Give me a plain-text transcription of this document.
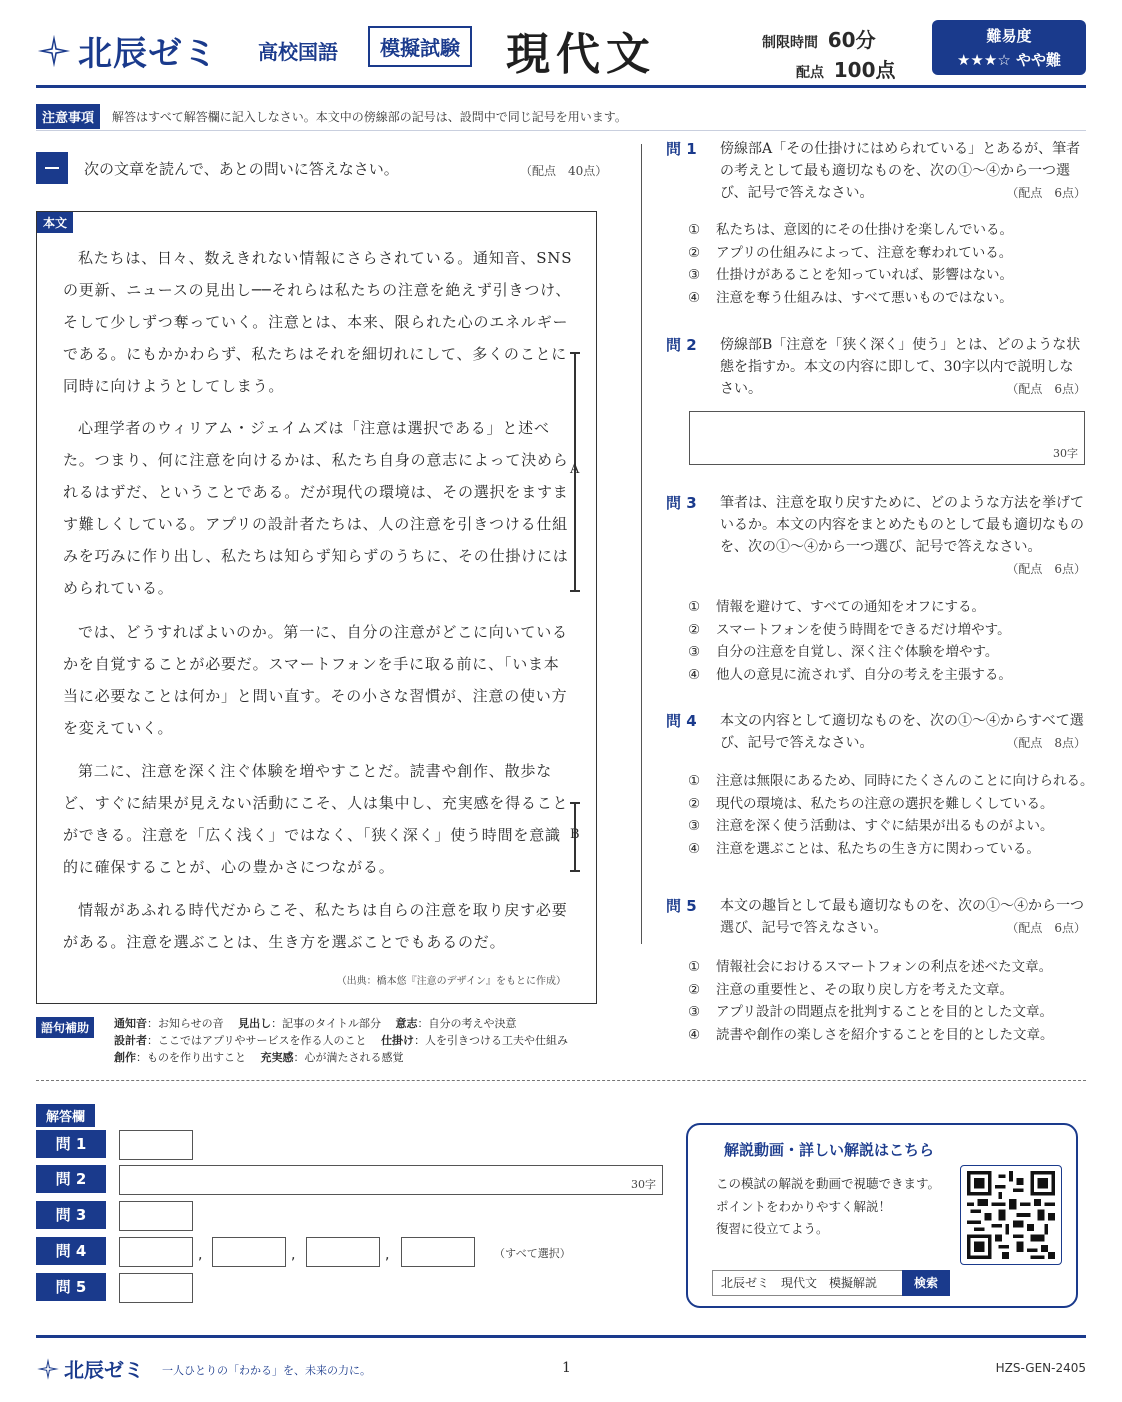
北辰ゼミ 高校国語	模擬試験 現代文	制限時間 60分
配点 100点
難易度
★★★☆ やや難
注意事項	解答はすべて解答欄に記入しなさい。本文中の傍線部の記号は、設問中で同じ記号を用います。
次の文章を読んで、あとの問いに答えなさい。	（配点　40点）
本文

私たちは、日々、数えきれない情報にさらされている。通知音、SNSの更新、ニュースの見出し──それらは私たちの注意を絶えず引きつけ、そして少しずつ奪っていく。注意とは、本来、限られた心のエネルギーである。にもかかわらず、私たちはそれを細切れにして、多くのことに同時に向けようとしてしまう。

心理学者のウィリアム・ジェイムズは「注意は選択である」と述べた。つまり、何に注意を向けるかは、私たち自身の意志によって決められるはずだ、ということである。だが現代の環境は、その選択をますます難しくしている。アプリの設計者たちは、人の注意を引きつける仕組みを巧みに作り出し、私たちは知らず知らずのうちに、その仕掛けにはめられている。

では、どうすればよいのか。第一に、自分の注意がどこに向いているかを自覚することが必要だ。スマートフォンを手に取る前に、「いま本当に必要なことは何か」と問い直す。その小さな習慣が、注意の使い方を変えていく。

第二に、注意を深く注ぐ体験を増やすことだ。読書や創作、散歩など、すぐに結果が見えない活動にこそ、人は集中し、充実感を得ることができる。注意を「広く浅く」ではなく、「狭く深く」使う時間を意識的に確保することが、心の豊かさにつながる。

情報があふれる時代だからこそ、私たちは自らの注意を取り戻す必要がある。注意を選ぶことは、生き方を選ぶことでもあるのだ。

A
B
（出典：橋本悠『注意のデザイン』をもとに作成）
語句補助	通知音：お知らせの音  見出し：記事のタイトル部分  意志：自分の考えや決意
設計者：ここではアプリやサービスを作る人のこと  仕掛け：人を引きつける工夫や仕組み
創作：ものを作り出すこと  充実感：心が満たされる感覚
問 1 傍線部A「その仕掛けにはめられている」とあるが、筆者の考えとして最も適切なものを、次の①〜④から一つ選び、記号で答えなさい。	（配点　6点）
①	私たちは、意図的にその仕掛けを楽しんでいる。
②	アプリの仕組みによって、注意を奪われている。
③	仕掛けがあることを知っていれば、影響はない。
④	注意を奪う仕組みは、すべて悪いものではない。
問 2 傍線部B「注意を「狭く深く」使う」とは、どのような状態を指すか。本文の内容に即して、30字以内で説明しなさい。	（配点　6点）
30字
問 3 筆者は、注意を取り戻すために、どのような方法を挙げているか。本文の内容をまとめたものとして最も適切なものを、次の①〜④から一つ選び、記号で答えなさい。

（配点　6点）
①	情報を避けて、すべての通知をオフにする。
②	スマートフォンを使う時間をできるだけ増やす。
③	自分の注意を自覚し、深く注ぐ体験を増やす。
④	他人の意見に流されず、自分の考えを主張する。
問 4 本文の内容として適切なものを、次の①〜④からすべて選び、記号で答えなさい。	（配点　8点）
①	注意は無限にあるため、同時にたくさんのことに向けられる。
②	現代の環境は、私たちの注意の選択を難しくしている。
③	注意を深く使う活動は、すぐに結果が出るものがよい。
④	注意を選ぶことは、私たちの生き方に関わっている。
問 5 本文の趣旨として最も適切なものを、次の①〜④から一つ選び、記号で答えなさい。	（配点　6点）
①	情報社会におけるスマートフォンの利点を述べた文章。
②	注意の重要性と、その取り戻し方を考えた文章。
③	アプリ設計の問題点を批判することを目的とした文章。
④	読書や創作の楽しさを紹介することを目的とした文章。
解答欄
問 1
問 2	30字
問 3
問 4	,	,	,	（すべて選択）
問 5
解説動画・詳しい解説はこちら
この模試の解説を動画で視聴できます。
ポイントをわかりやすく解説！
復習に役立てよう。
北辰ゼミ　現代文　模擬解説	検索
北辰ゼミ 一人ひとりの「わかる」を、未来の力に。	1	HZS-GEN-2405
